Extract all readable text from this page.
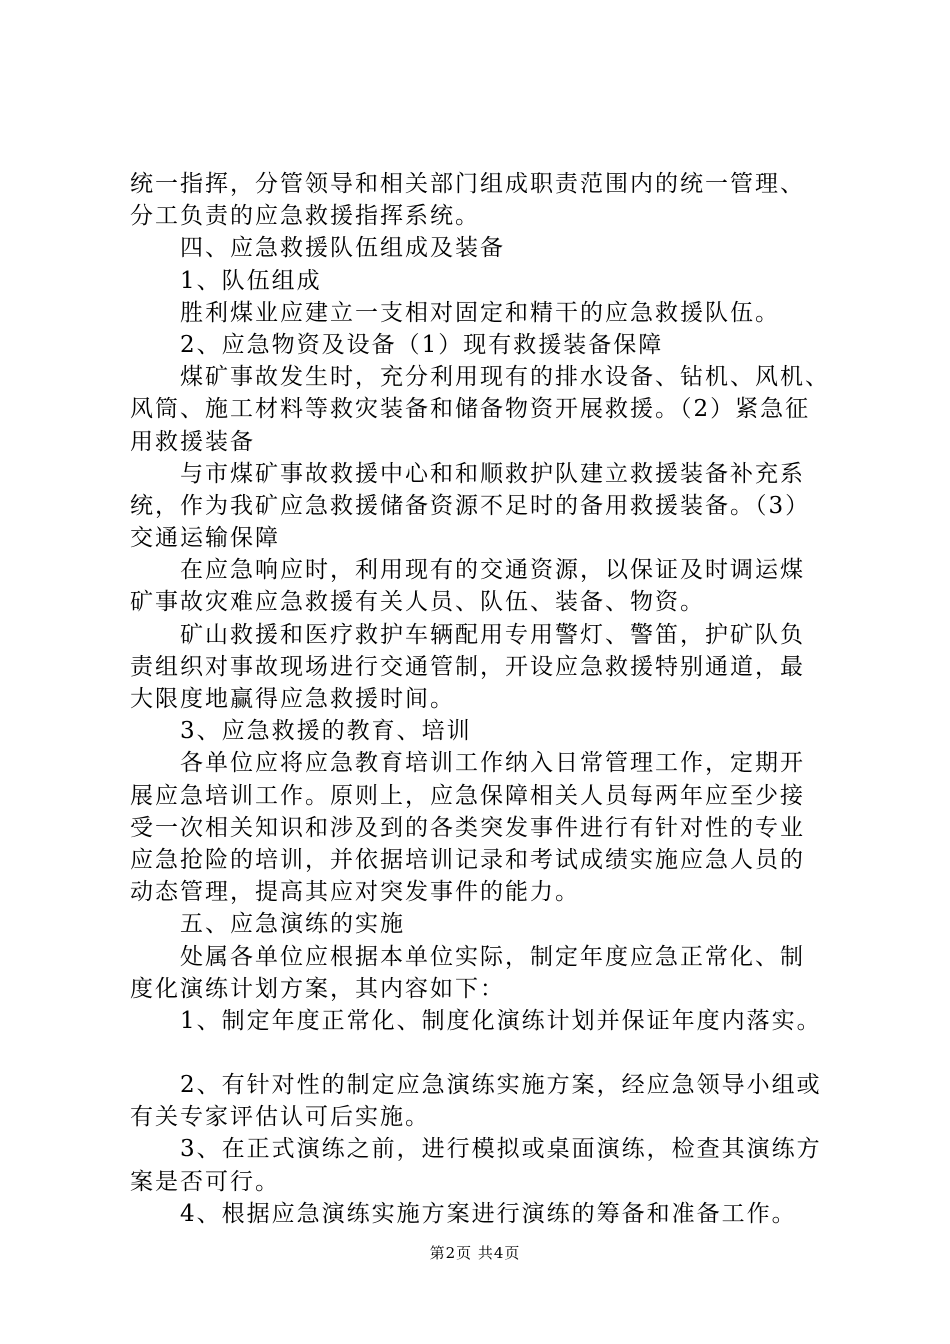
统一指挥，分管领导和相关部门组成职责范围内的统一管理、
分工负责的应急救援指挥系统。
　　四、应急救援队伍组成及装备
　　1、队伍组成
　　胜利煤业应建立一支相对固定和精干的应急救援队伍。
　　2、应急物资及设备（1）现有救援装备保障
　　煤矿事故发生时，充分利用现有的排水设备、钻机、风机、
风筒、施工材料等救灾装备和储备物资开展救援。（2）紧急征
用救援装备
　　与市煤矿事故救援中心和和顺救护队建立救援装备补充系
统，作为我矿应急救援储备资源不足时的备用救援装备。（3）
交通运输保障
　　在应急响应时，利用现有的交通资源，以保证及时调运煤
矿事故灾难应急救援有关人员、队伍、装备、物资。
　　矿山救援和医疗救护车辆配用专用警灯、警笛，护矿队负
责组织对事故现场进行交通管制，开设应急救援特别通道，最
大限度地赢得应急救援时间。
　　3、应急救援的教育、培训
　　各单位应将应急教育培训工作纳入日常管理工作，定期开
展应急培训工作。原则上，应急保障相关人员每两年应至少接
受一次相关知识和涉及到的各类突发事件进行有针对性的专业
应急抢险的培训，并依据培训记录和考试成绩实施应急人员的
动态管理，提高其应对突发事件的能力。
　　五、应急演练的实施
　　处属各单位应根据本单位实际，制定年度应急正常化、制
度化演练计划方案，其内容如下：
　　1、制定年度正常化、制度化演练计划并保证年度内落实。
　　2、有针对性的制定应急演练实施方案，经应急领导小组或
有关专家评估认可后实施。
　　3、在正式演练之前，进行模拟或桌面演练，检查其演练方
案是否可行。
　　4、根据应急演练实施方案进行演练的筹备和准备工作。
第2页 共4页
